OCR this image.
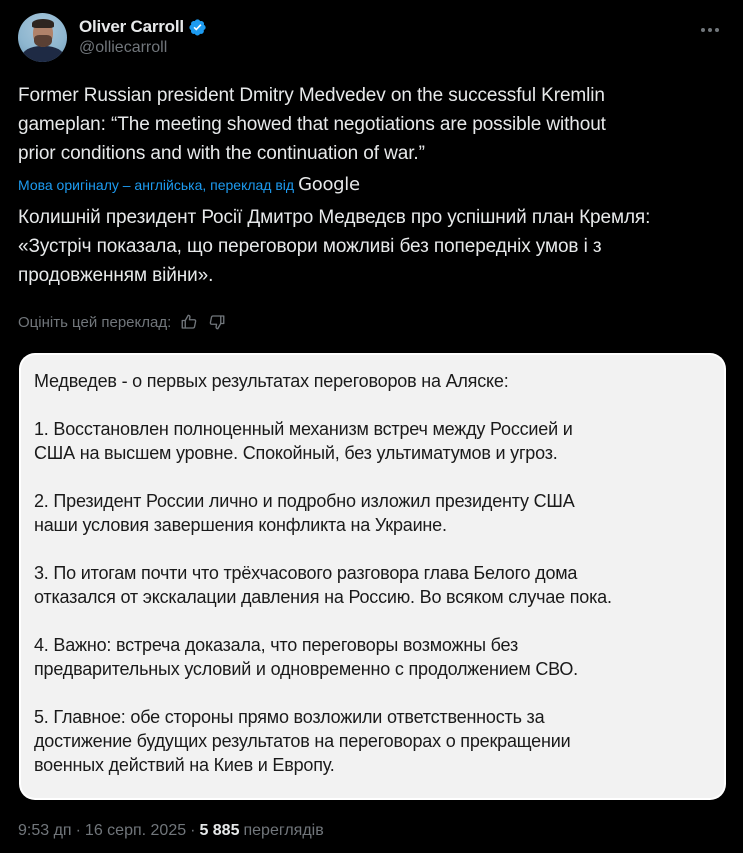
Oliver Carroll
@olliecarroll
Former Russian president Dmitry Medvedev on the successful Kremlin
gameplan: “The meeting showed that negotiations are possible without
prior conditions and with the continuation of war.”
Мова оригіналу – англійська, переклад від Google
Колишній президент Росії Дмитро Медведєв про успішний план Кремля:
«Зустріч показала, що переговори можливі без попередніх умов і з
продовженням війни».
Оцініть цей переклад:
Медведев - о первых результатах переговоров на Аляске:
1. Восстановлен полноценный механизм встреч между Россией и
США на высшем уровне. Спокойный, без ультиматумов и угроз.
2. Президент России лично и подробно изложил президенту США
наши условия завершения конфликта на Украине.
3. По итогам почти что трёхчасового разговора глава Белого дома
отказался от экскалации давления на Россию. Во всяком случае пока.
4. Важно: встреча доказала, что переговоры возможны без
предварительных условий и одновременно с продолжением СВО.
5. Главное: обе стороны прямо возложили ответственность за
достижение будущих результатов на переговорах о прекращении
военных действий на Киев и Европу.
9:53 дп · 16 серп. 2025 · 5 885 переглядів
